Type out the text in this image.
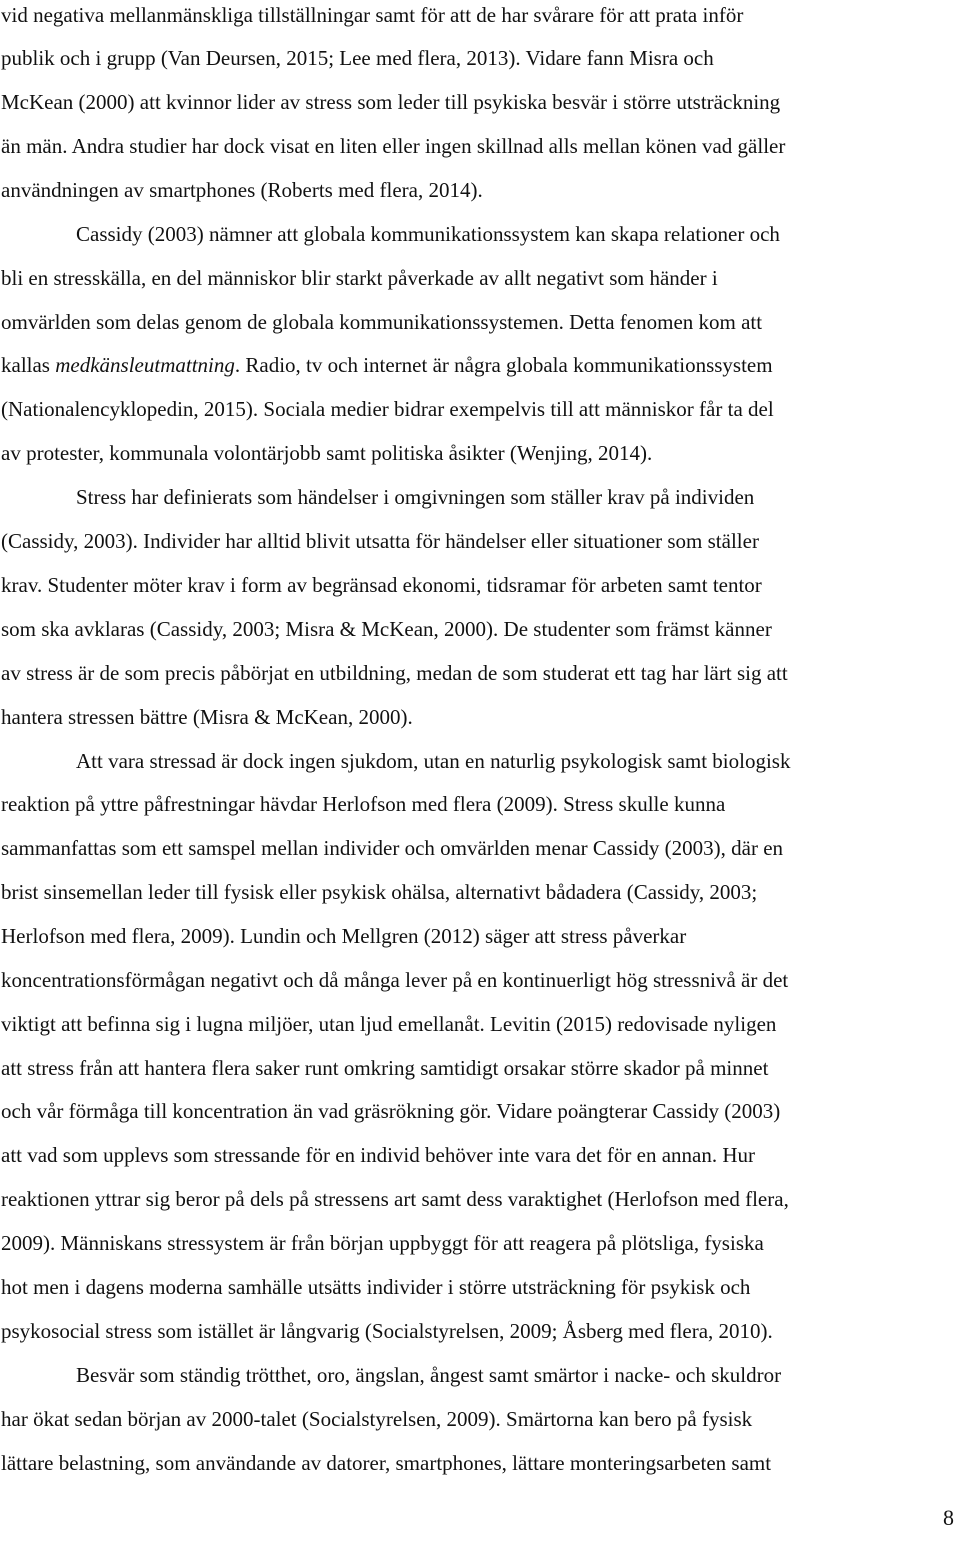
vid negativa mellanmänskliga tillställningar samt för att de har svårare för att prata inför
publik och i grupp (Van Deursen, 2015; Lee med flera, 2013). Vidare fann Misra och
McKean (2000) att kvinnor lider av stress som leder till psykiska besvär i större utsträckning
än män. Andra studier har dock visat en liten eller ingen skillnad alls mellan könen vad gäller
användningen av smartphones (Roberts med flera, 2014).
Cassidy (2003) nämner att globala kommunikationssystem kan skapa relationer och
bli en stresskälla, en del människor blir starkt påverkade av allt negativt som händer i
omvärlden som delas genom de globala kommunikationssystemen. Detta fenomen kom att
kallas medkänsleutmattning. Radio, tv och internet är några globala kommunikationssystem
(Nationalencyklopedin, 2015). Sociala medier bidrar exempelvis till att människor får ta del
av protester, kommunala volontärjobb samt politiska åsikter (Wenjing, 2014).
Stress har definierats som händelser i omgivningen som ställer krav på individen
(Cassidy, 2003). Individer har alltid blivit utsatta för händelser eller situationer som ställer
krav. Studenter möter krav i form av begränsad ekonomi, tidsramar för arbeten samt tentor
som ska avklaras (Cassidy, 2003; Misra & McKean, 2000). De studenter som främst känner
av stress är de som precis påbörjat en utbildning, medan de som studerat ett tag har lärt sig att
hantera stressen bättre (Misra & McKean, 2000).
Att vara stressad är dock ingen sjukdom, utan en naturlig psykologisk samt biologisk
reaktion på yttre påfrestningar hävdar Herlofson med flera (2009). Stress skulle kunna
sammanfattas som ett samspel mellan individer och omvärlden menar Cassidy (2003), där en
brist sinsemellan leder till fysisk eller psykisk ohälsa, alternativt bådadera (Cassidy, 2003;
Herlofson med flera, 2009). Lundin och Mellgren (2012) säger att stress påverkar
koncentrationsförmågan negativt och då många lever på en kontinuerligt hög stressnivå är det
viktigt att befinna sig i lugna miljöer, utan ljud emellanåt. Levitin (2015) redovisade nyligen
att stress från att hantera flera saker runt omkring samtidigt orsakar större skador på minnet
och vår förmåga till koncentration än vad gräsrökning gör. Vidare poängterar Cassidy (2003)
att vad som upplevs som stressande för en individ behöver inte vara det för en annan. Hur
reaktionen yttrar sig beror på dels på stressens art samt dess varaktighet (Herlofson med flera,
2009). Människans stressystem är från början uppbyggt för att reagera på plötsliga, fysiska
hot men i dagens moderna samhälle utsätts individer i större utsträckning för psykisk och
psykosocial stress som istället är långvarig (Socialstyrelsen, 2009; Åsberg med flera, 2010).
Besvär som ständig trötthet, oro, ängslan, ångest samt smärtor i nacke- och skuldror
har ökat sedan början av 2000-talet (Socialstyrelsen, 2009). Smärtorna kan bero på fysisk
lättare belastning, som användande av datorer, smartphones, lättare monteringsarbeten samt
8
